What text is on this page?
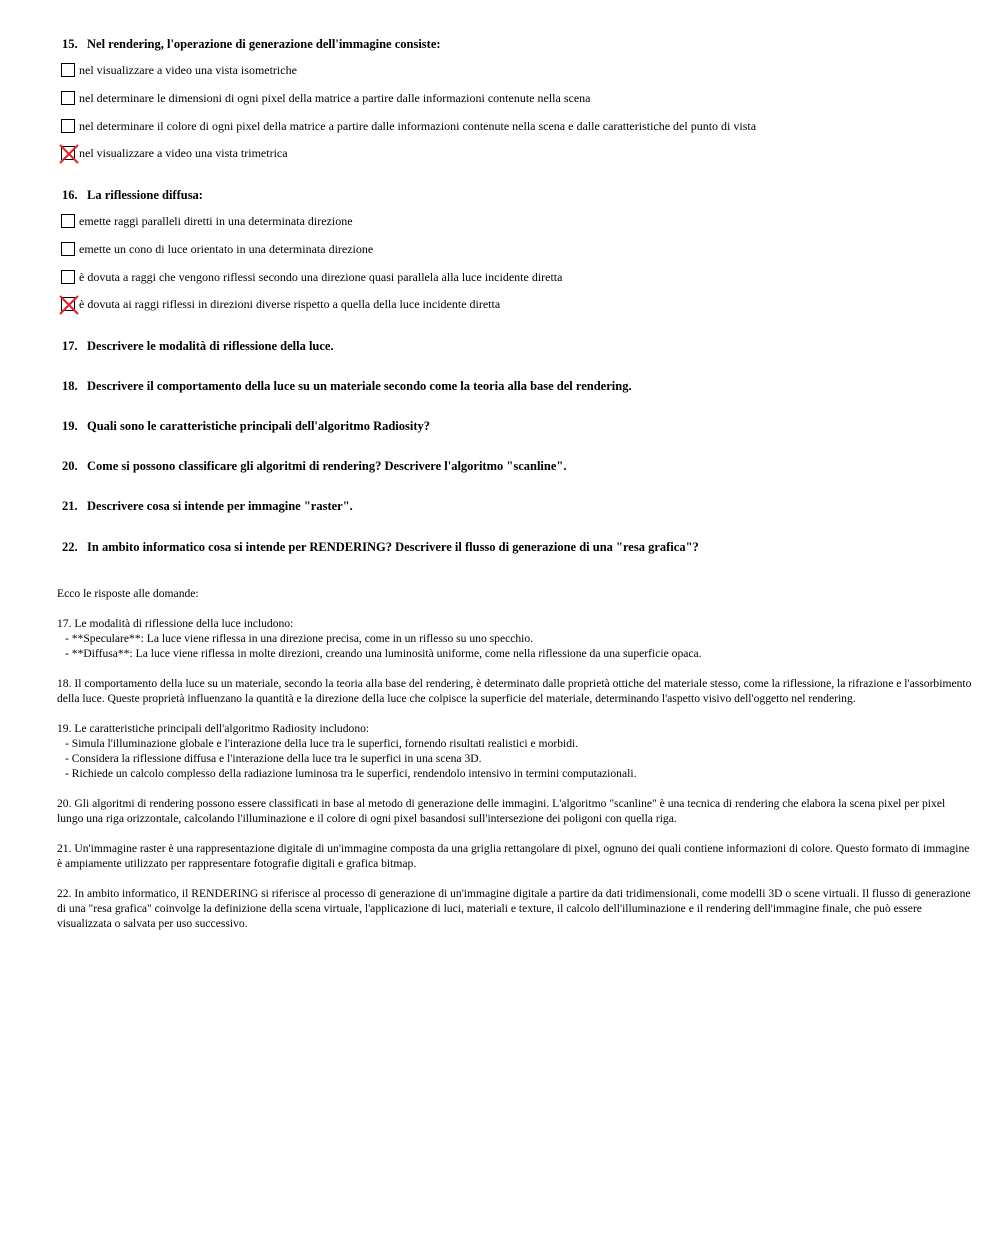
15. Nel rendering, l'operazione di generazione dell'immagine consiste:
nel visualizzare a video una vista isometriche
nel determinare le dimensioni di ogni pixel della matrice a partire dalle informazioni contenute nella scena
nel determinare il colore di ogni pixel della matrice a partire dalle informazioni contenute nella scena e dalle caratteristiche del punto di vista
nel visualizzare a video una vista trimetrica
16. La riflessione diffusa:
emette raggi paralleli diretti in una determinata direzione
emette un cono di luce orientato in una determinata direzione
è dovuta a raggi che vengono riflessi secondo una direzione quasi parallela alla luce incidente diretta
è dovuta ai raggi riflessi in direzioni diverse rispetto a quella della luce incidente diretta
17. Descrivere le modalità di riflessione della luce.
18. Descrivere il comportamento della luce su un materiale secondo come la teoria alla base del rendering.
19. Quali sono le caratteristiche principali dell'algoritmo Radiosity?
20. Come si possono classificare gli algoritmi di rendering? Descrivere l'algoritmo "scanline".
21. Descrivere cosa si intende per immagine "raster".
22. In ambito informatico cosa si intende per RENDERING? Descrivere il flusso di generazione di una "resa grafica"?

Ecco le risposte alle domande:

17. Le modalità di riflessione della luce includono:
- **Speculare**: La luce viene riflessa in una direzione precisa, come in un riflesso su uno specchio.
- **Diffusa**: La luce viene riflessa in molte direzioni, creando una luminosità uniforme, come nella riflessione da una superficie opaca.
18. Il comportamento della luce su un materiale, secondo la teoria alla base del rendering, è determinato dalle proprietà ottiche del materiale stesso, come la riflessione, la rifrazione e l'assorbimento della luce. Queste proprietà influenzano la quantità e la direzione della luce che colpisce la superficie del materiale, determinando l'aspetto visivo dell'oggetto nel rendering.
19. Le caratteristiche principali dell'algoritmo Radiosity includono:
- Simula l'illuminazione globale e l'interazione della luce tra le superfici, fornendo risultati realistici e morbidi.
- Considera la riflessione diffusa e l'interazione della luce tra le superfici in una scena 3D.
- Richiede un calcolo complesso della radiazione luminosa tra le superfici, rendendolo intensivo in termini computazionali.
20. Gli algoritmi di rendering possono essere classificati in base al metodo di generazione delle immagini. L'algoritmo "scanline" è una tecnica di rendering che elabora la scena pixel per pixel lungo una riga orizzontale, calcolando l'illuminazione e il colore di ogni pixel basandosi sull'intersezione dei poligoni con quella riga.
21. Un'immagine raster è una rappresentazione digitale di un'immagine composta da una griglia rettangolare di pixel, ognuno dei quali contiene informazioni di colore. Questo formato di immagine è ampiamente utilizzato per rappresentare fotografie digitali e grafica bitmap.
22. In ambito informatico, il RENDERING si riferisce al processo di generazione di un'immagine digitale a partire da dati tridimensionali, come modelli 3D o scene virtuali. Il flusso di generazione di una "resa grafica" coinvolge la definizione della scena virtuale, l'applicazione di luci, materiali e texture, il calcolo dell'illuminazione e il rendering dell'immagine finale, che può essere visualizzata o salvata per uso successivo.
